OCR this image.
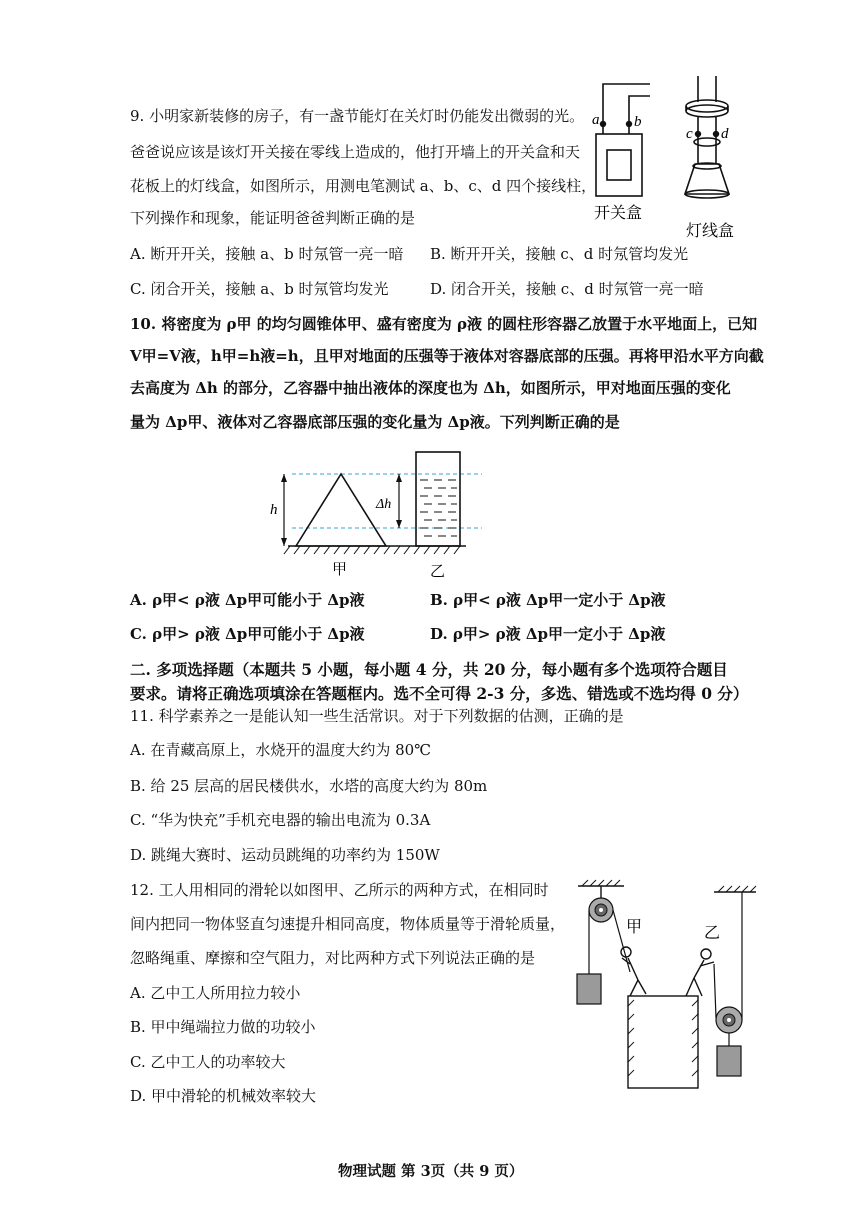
9. 小明家新装修的房子，有一盏节能灯在关灯时仍能发出微弱的光。
爸爸说应该是该灯开关接在零线上造成的，他打开墙上的开关盒和天
花板上的灯线盒，如图所示，用测电笔测试 a、b、c、d 四个接线柱，
下列操作和现象，能证明爸爸判断正确的是
A. 断开开关，接触 a、b 时氖管一亮一暗 B. 断开开关，接触 c、d 时氖管均发光
C. 闭合开关，接触 a、b 时氖管均发光	D. 闭合开关，接触 c、d 时氖管一亮一暗
a b
开关盒
c d
灯线盒
10. 将密度为 ρ甲 的均匀圆锥体甲、盛有密度为 ρ液 的圆柱形容器乙放置于水平地面上，已知
V甲=V液，h甲=h液=h，且甲对地面的压强等于液体对容器底部的压强。再将甲沿水平方向截
去高度为 Δh 的部分，乙容器中抽出液体的深度也为 Δh，如图所示，甲对地面压强的变化
量为 Δp甲、液体对乙容器底部压强的变化量为 Δp液。下列判断正确的是
h	Δh
甲	乙
A. ρ甲< ρ液 Δp甲可能小于 Δp液	B. ρ甲< ρ液 Δp甲一定小于 Δp液
C. ρ甲> ρ液 Δp甲可能小于 Δp液	D. ρ甲> ρ液 Δp甲一定小于 Δp液
二. 多项选择题（本题共 5 小题，每小题 4 分，共 20 分，每小题有多个选项符合题目
要求。请将正确选项填涂在答题框内。选不全可得 2-3 分，多选、错选或不选均得 0 分）
11. 科学素养之一是能认知一些生活常识。对于下列数据的估测，正确的是
A. 在青藏高原上，水烧开的温度大约为 80℃
B. 给 25 层高的居民楼供水，水塔的高度大约为 80m
C. “华为快充”手机充电器的输出电流为 0.3A
D. 跳绳大赛时、运动员跳绳的功率约为 150W
12. 工人用相同的滑轮以如图甲、乙所示的两种方式，在相同时
间内把同一物体竖直匀速提升相同高度，物体质量等于滑轮质量，
忽略绳重、摩擦和空气阻力，对比两种方式下列说法正确的是
A. 乙中工人所用拉力较小
B. 甲中绳端拉力做的功较小
C. 乙中工人的功率较大
D. 甲中滑轮的机械效率较大
甲	乙
物理试题 第 3页（共 9 页）
